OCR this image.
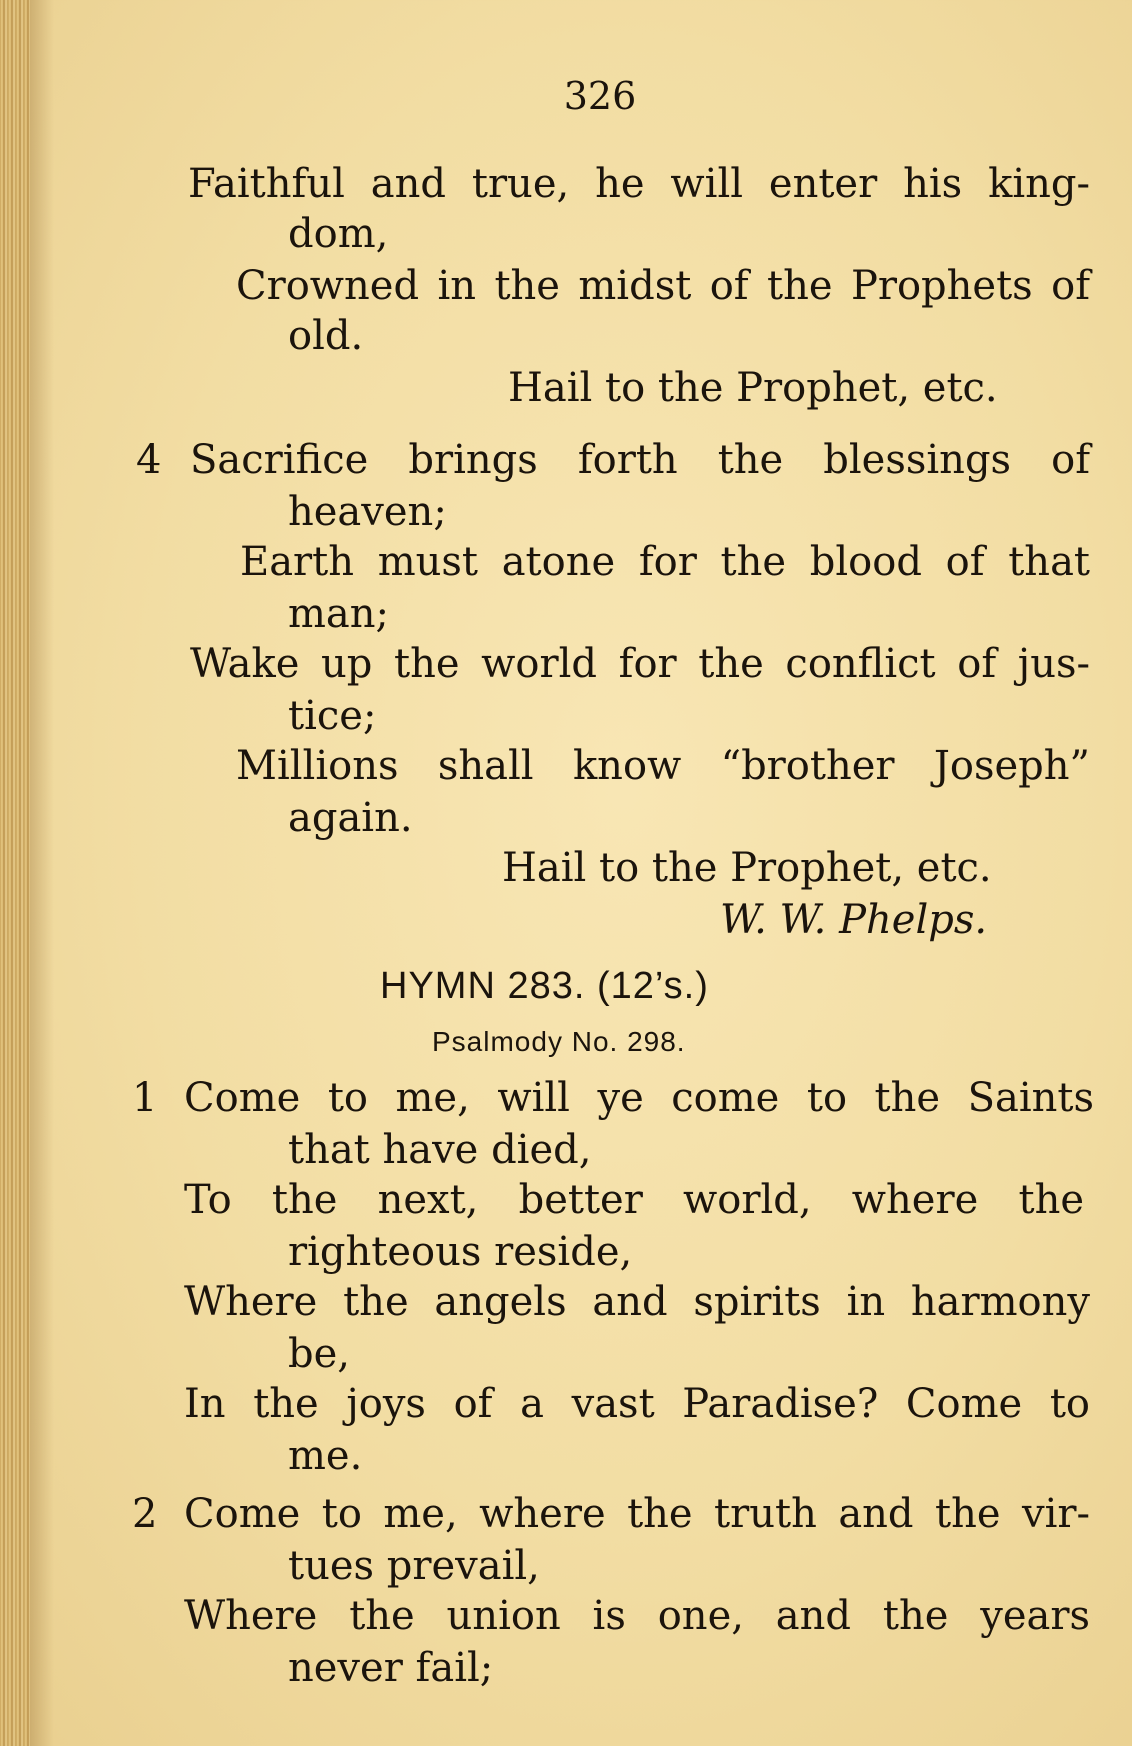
326

Faithful and true, he will enter his king-

dom,

Crowned in the midst of the Prophets of

old.

Hail to the Prophet, etc.

4 Sacrifice brings forth the blessings of

heaven;

Earth must atone for the blood of that

man;

Wake up the world for the conflict of jus-

tice;

Millions shall know “brother Joseph”

again.

Hail to the Prophet, etc.

W. W. Phelps.

HYMN 283. (12’s.)

Psalmody No. 298.

1 Come to me, will ye come to the Saints

that have died,

To the next, better world, where the

righteous reside,

Where the angels and spirits in harmony

be,

In the joys of a vast Paradise? Come to

me.

2 Come to me, where the truth and the vir-

tues prevail,

Where the union is one, and the years

never fail;
